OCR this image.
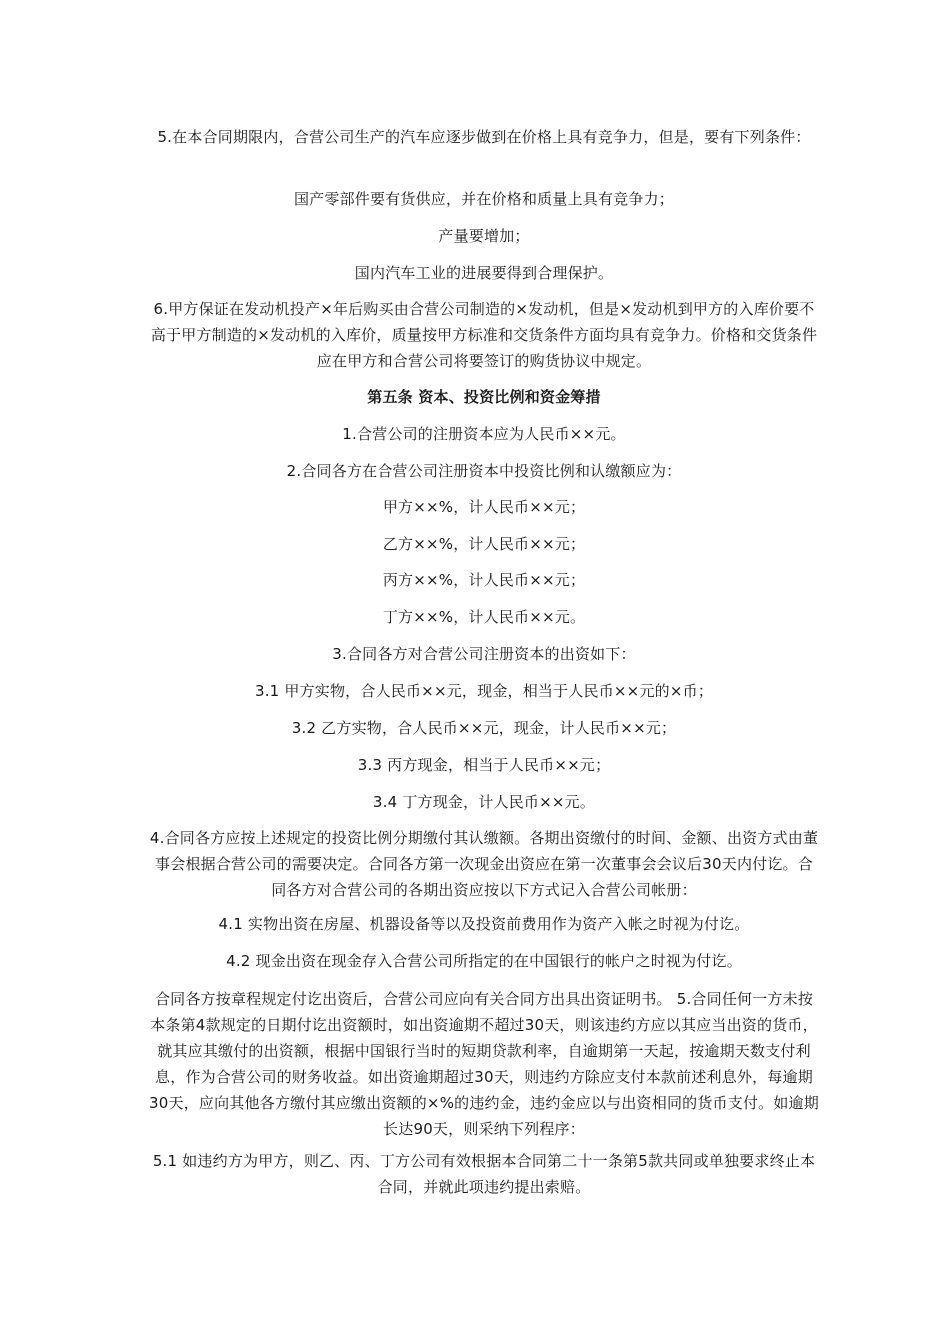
5.在本合同期限内，合营公司生产的汽车应逐步做到在价格上具有竞争力，但是，要有下列条件：

国产零部件要有货供应，并在价格和质量上具有竞争力；

产量要增加；

国内汽车工业的进展要得到合理保护。

6.甲方保证在发动机投产×年后购买由合营公司制造的×发动机，但是×发动机到甲方的入库价要不高于甲方制造的×发动机的入库价，质量按甲方标准和交货条件方面均具有竞争力。价格和交货条件应在甲方和合营公司将要签订的购货协议中规定。

第五条 资本、投资比例和资金筹措

1.合营公司的注册资本应为人民币××元。

2.合同各方在合营公司注册资本中投资比例和认缴额应为：

甲方××%，计人民币××元；

乙方××%，计人民币××元；

丙方××%，计人民币××元；

丁方××%，计人民币××元。

3.合同各方对合营公司注册资本的出资如下：

3.1 甲方实物，合人民币××元，现金，相当于人民币××元的×币；

3.2 乙方实物，合人民币××元，现金，计人民币××元；

3.3 丙方现金，相当于人民币××元；

3.4 丁方现金，计人民币××元。

4.合同各方应按上述规定的投资比例分期缴付其认缴额。各期出资缴付的时间、金额、出资方式由董事会根据合营公司的需要决定。合同各方第一次现金出资应在第一次董事会会议后30天内付讫。合同各方对合营公司的各期出资应按以下方式记入合营公司帐册：

4.1 实物出资在房屋、机器设备等以及投资前费用作为资产入帐之时视为付讫。

4.2 现金出资在现金存入合营公司所指定的在中国银行的帐户之时视为付讫。

合同各方按章程规定付讫出资后，合营公司应向有关合同方出具出资证明书。 5.合同任何一方未按本条第4款规定的日期付讫出资额时，如出资逾期不超过30天，则该违约方应以其应当出资的货币，就其应其缴付的出资额，根据中国银行当时的短期贷款利率，自逾期第一天起，按逾期天数支付利息，作为合营公司的财务收益。如出资逾期超过30天，则违约方除应支付本款前述利息外，每逾期30天，应向其他各方缴付其应缴出资额的×%的违约金，违约金应以与出资相同的货币支付。如逾期长达90天，则采纳下列程序：

5.1 如违约方为甲方，则乙、丙、丁方公司有效根据本合同第二十一条第5款共同或单独要求终止本合同，并就此项违约提出索赔。
